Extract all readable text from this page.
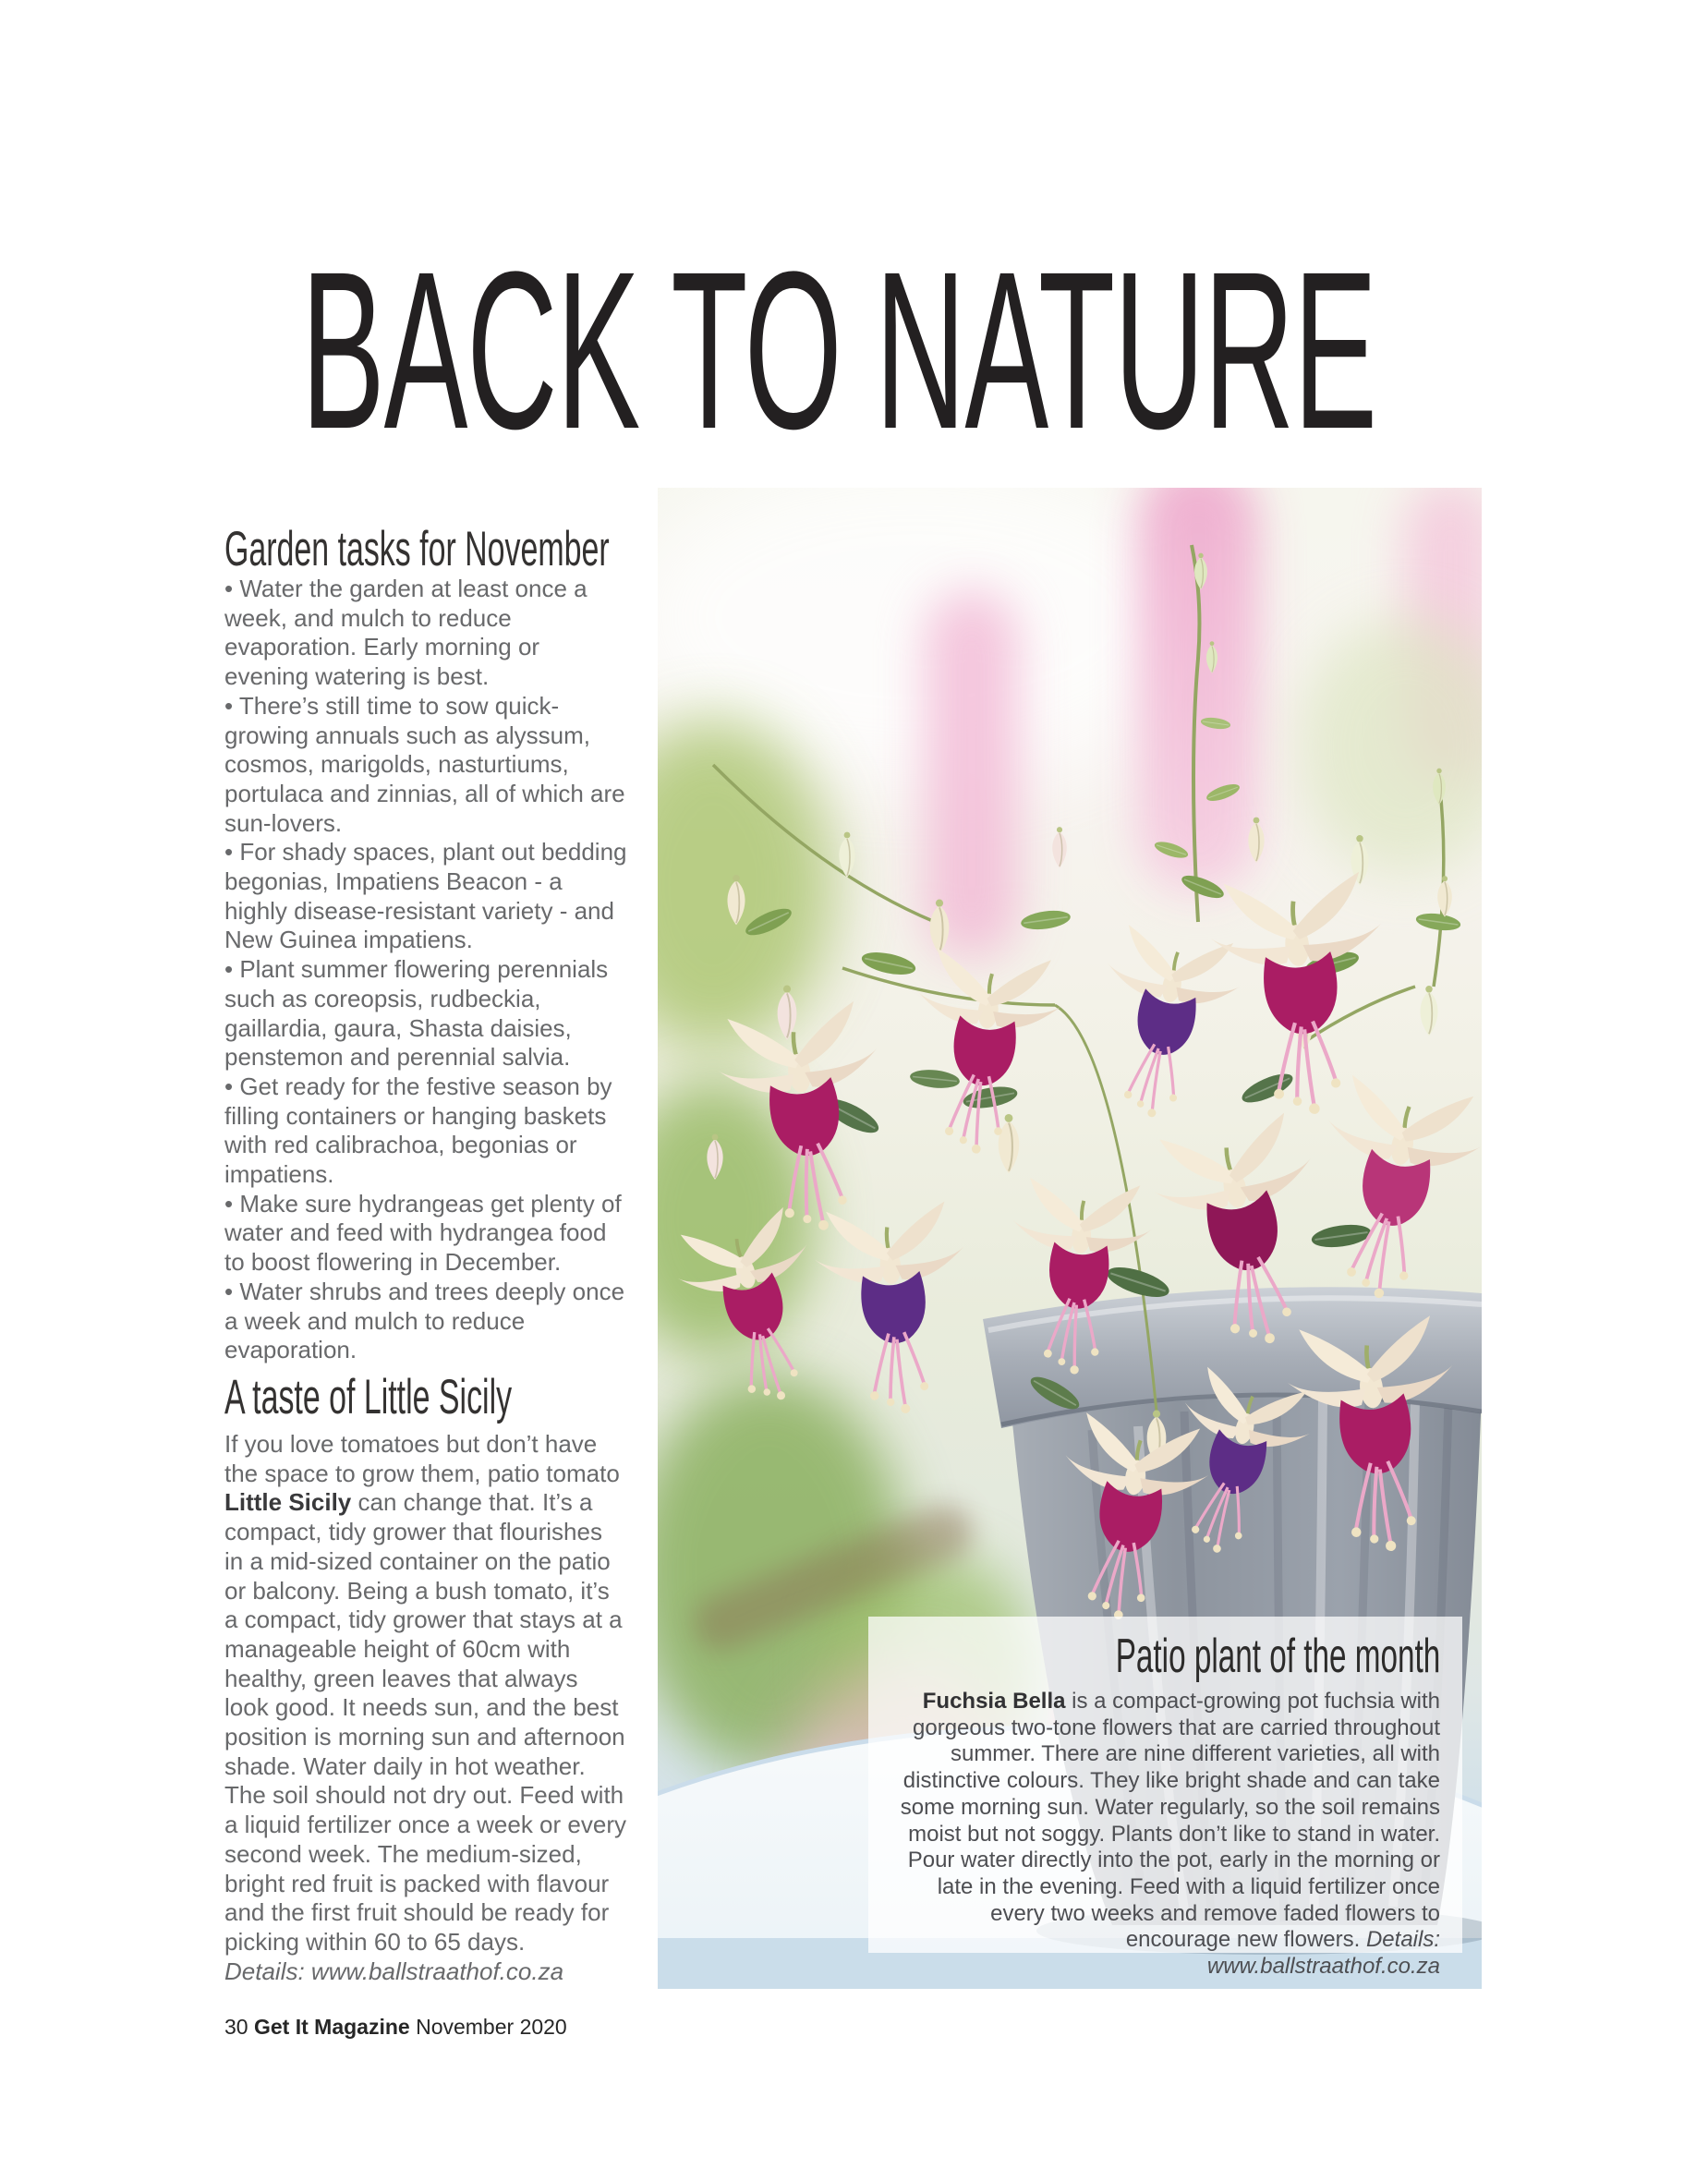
BACK TO NATURE
Garden tasks for November

• Water the garden at least once a week, and mulch to reduce evaporation. Early morning or evening watering is best.

• There’s still time to sow quick-growing annuals such as alyssum, cosmos, marigolds, nasturtiums, portulaca and zinnias, all of which are sun-lovers.

• For shady spaces, plant out bedding begonias, Impatiens Beacon - a highly disease-resistant variety - and New Guinea impatiens.

• Plant summer flowering perennials such as coreopsis, rudbeckia, gaillardia, gaura, Shasta daisies, penstemon and perennial salvia.

• Get ready for the festive season by filling containers or hanging baskets with red calibrachoa, begonias or impatiens.

• Make sure hydrangeas get plenty of water and feed with hydrangea food to boost flowering in December.

• Water shrubs and trees deeply once a week and mulch to reduce evaporation.

A taste of Little Sicily

If you love tomatoes but don’t have the space to grow them, patio tomato Little Sicily can change that. It’s a compact, tidy grower that flourishes in a mid-sized container on the patio or balcony. Being a bush tomato, it’s a compact, tidy grower that stays at a manageable height of 60cm with healthy, green leaves that always look good. It needs sun, and the best position is morning sun and afternoon shade. Water daily in hot weather. The soil should not dry out. Feed with a liquid fertilizer once a week or every second week. The medium-sized, bright red fruit is packed with flavour and the first fruit should be ready for picking within 60 to 65 days.

Details: www.ballstraathof.co.za

Patio plant of the month
Fuchsia Bella is a compact-growing pot fuchsia with gorgeous two-tone flowers that are carried throughout summer. There are nine different varieties, all with distinctive colours. They like bright shade and can take some morning sun. Water regularly, so the soil remains moist but not soggy. Plants don’t like to stand in water. Pour water directly into the pot, early in the morning or late in the evening. Feed with a liquid fertilizer once every two weeks and remove faded flowers to encourage new flowers. Details: www.ballstraathof.co.za
30 Get It Magazine November 2020
